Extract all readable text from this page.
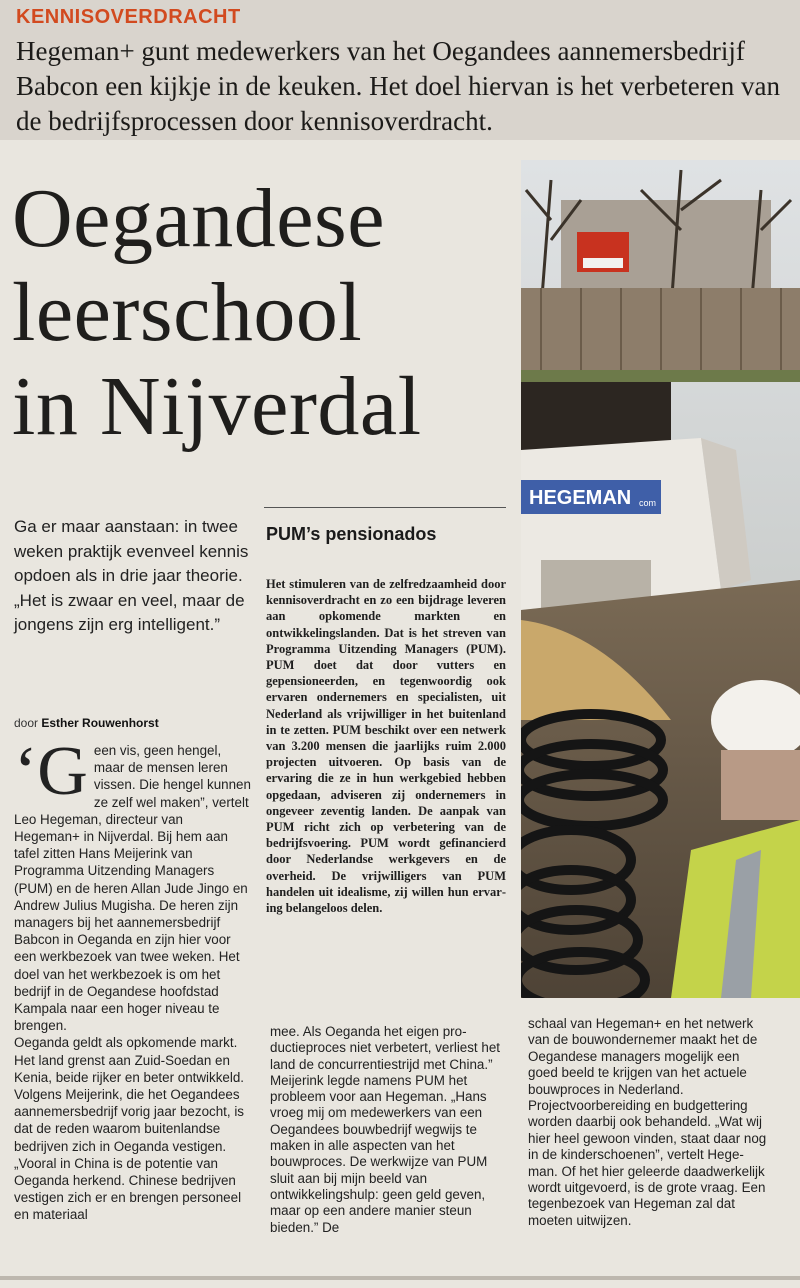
KENNISOVERDRACHT
Hegeman+ gunt medewerkers van het Oegandees aannemersbedrijf Babcon een kijkje in de keuken. Het doel hiervan is het verbeteren van de bedrijfsprocessen door kennisoverdracht.
Oegandese
leerschool
in Nijverdal
Ga er maar aanstaan: in twee weken praktijk evenveel kennis opdoen als in drie jaar theorie. „Het is zwaar en veel, maar de jongens zijn erg intelligent.”
door Esther Rouwenhorst

‘Geen vis, geen hengel, maar de mensen leren vissen. Die hengel kunnen ze zelf wel maken”, vertelt Leo Hegeman, directeur van Hegeman+ in Nijverdal. Bij hem aan tafel zitten Hans Meijerink van Programma Uitzending Managers (PUM) en de heren Allan Jude Jingo en Andrew Julius Mugisha. De heren zijn managers bij het aannemersbedrijf Babcon in Oeganda en zijn hier voor een werkbezoek van twee weken. Het doel van het werkbezoek is om het bedrijf in de Oegandese hoofdstad Kampala naar een hoger niveau te brengen.
Oeganda geldt als opkomende markt. Het land grenst aan Zuid-Soedan en Kenia, beide rijker en beter ontwikkeld. Volgens Meijerink, die het Oegandees aannemersbedrijf vorig jaar bezocht, is dat de reden waarom buitenlandse bedrijven zich in Oeganda vestigen. „Vooral in China is de potentie van Oeganda herkend. Chinese bedrijven vestigen zich er en brengen personeel en materiaal

PUM’s pensionados

Het stimuleren van de zelfredzaamheid door kennisoverdracht en zo een bijdrage leveren aan opkomende markten en ontwikkelingslanden. Dat is het streven van Programma Uitzending Managers (PUM). PUM doet dat door vutters en gepensioneerden, en tegenwoordig ook ervaren ondernemers en specialisten, uit Nederland als vrijwilliger in het buitenland in te zetten. PUM beschikt over een netwerk van 3.200 mensen die jaarlijks ruim 2.000 projecten uitvoeren. Op basis van de ervaring die ze in hun werkgebied hebben opgedaan, adviseren zij ondernemers in ongeveer zeventig landen. De aanpak van PUM richt zich op verbetering van de bedrijfsvoering. PUM wordt gefinancierd door Nederlandse werkgevers en de overheid. De vrijwilligers van PUM handelen uit idealisme, zij willen hun ervaring belangeloos delen.

mee. Als Oeganda het eigen productieproces niet verbetert, verliest het land de concurrentiestrijd met China.”
Meijerink legde namens PUM het probleem voor aan Hegeman. „Hans vroeg mij om medewerkers van een Oegandees bouwbedrijf wegwijs te maken in alle aspecten van het bouwproces. De werkwijze van PUM sluit aan bij mijn beeld van ontwikkelingshulp: geen geld geven, maar op een andere manier steun bieden.” De

schaal van Hegeman+ en het netwerk van de bouwondernemer maakt het de Oegandese managers mogelijk een goed beeld te krijgen van het actuele bouwproces in Nederland. Projectvoorbereiding en budgettering worden daarbij ook behandeld. „Wat wij hier heel gewoon vinden, staat daar nog in de kinderschoenen”, vertelt Hegeman. Of het hier geleerde daadwerkelijk wordt uitgevoerd, is de grote vraag. Een tegenbezoek van Hegeman zal dat moeten uitwijzen.

HEGEMAN com
